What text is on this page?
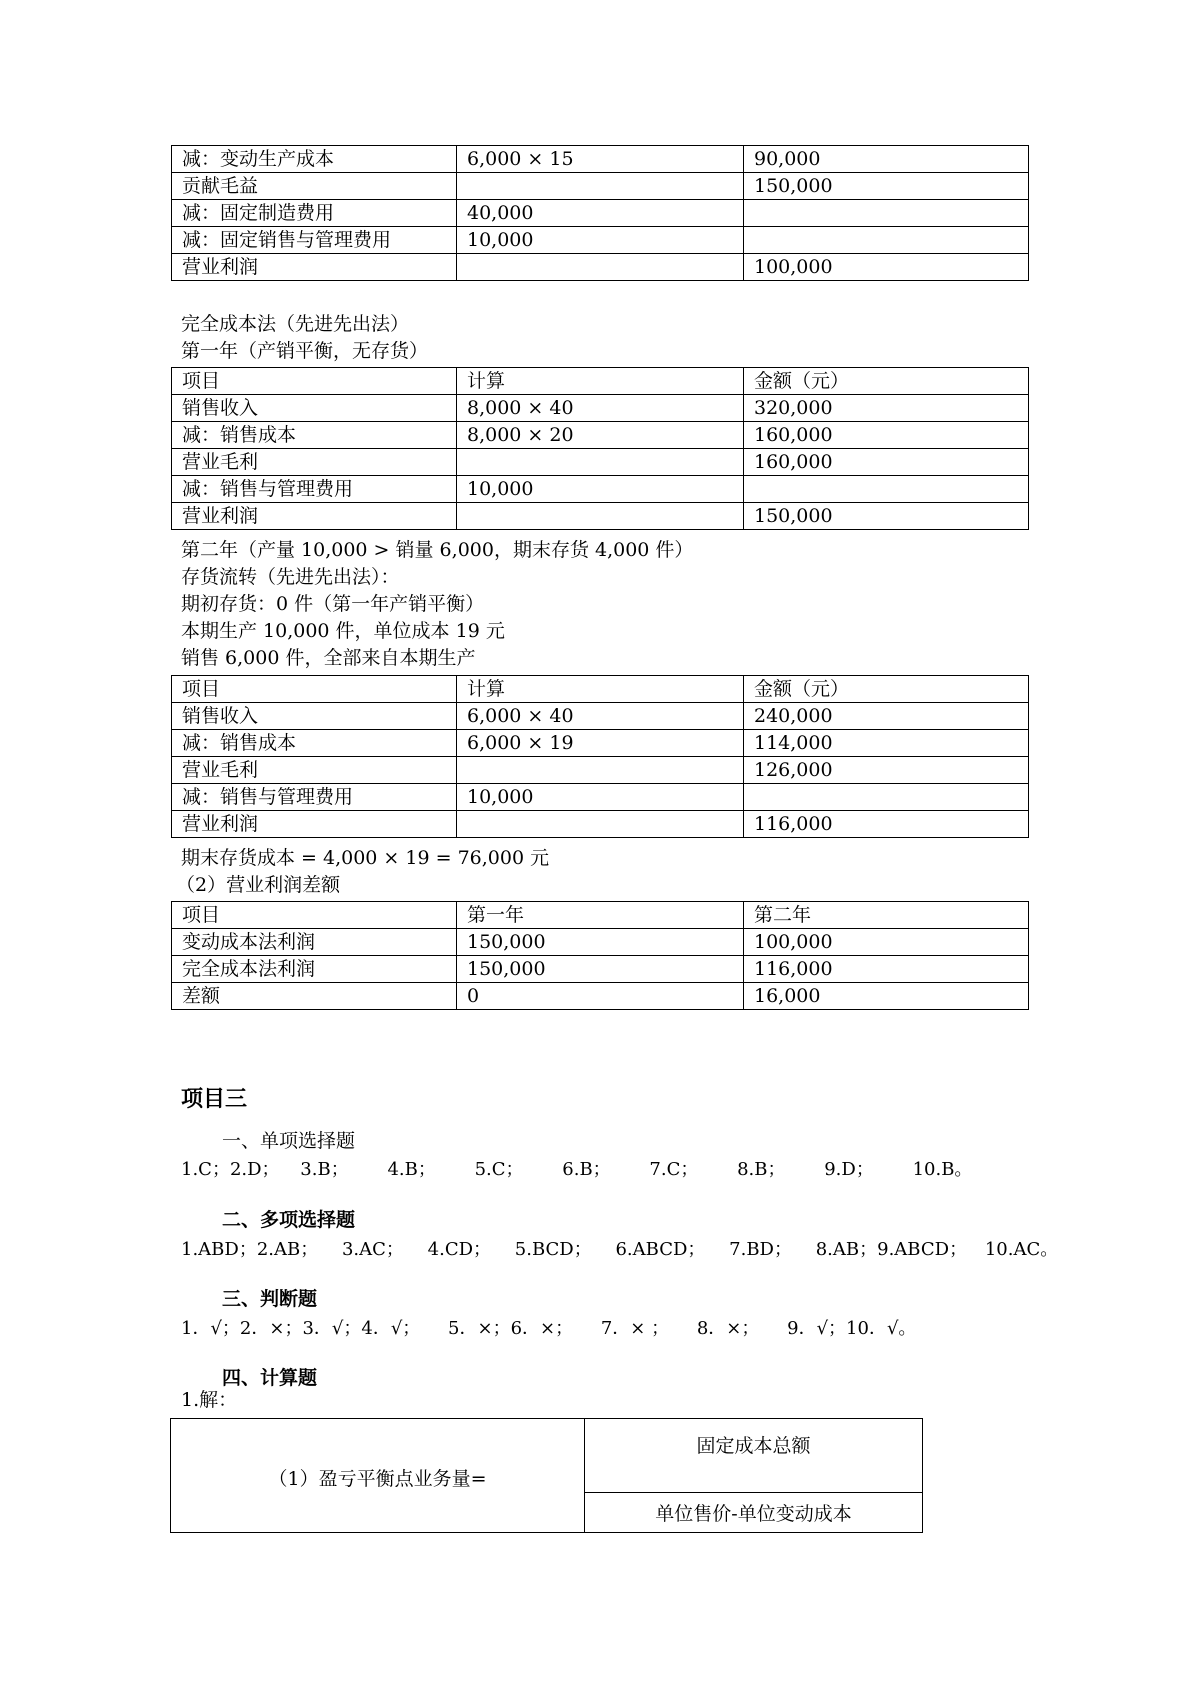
减：变动生产成本	6,000 × 15	90,000
贡献毛益		150,000
减：固定制造费用	40,000	
减：固定销售与管理费用	10,000	
营业利润		100,000
完全成本法（先进先出法）
第一年（产销平衡，无存货）
项目	计算	金额（元）
销售收入	8,000 × 40	320,000
减：销售成本	8,000 × 20	160,000
营业毛利		160,000
减：销售与管理费用	10,000	
营业利润		150,000
第二年（产量 10,000 > 销量 6,000，期末存货 4,000 件）
存货流转（先进先出法）：
期初存货：0 件（第一年产销平衡）
本期生产 10,000 件，单位成本 19 元
销售 6,000 件，全部来自本期生产
项目	计算	金额（元）
销售收入	6,000 × 40	240,000
减：销售成本	6,000 × 19	114,000
营业毛利		126,000
减：销售与管理费用	10,000	
营业利润		116,000
期末存货成本 = 4,000 × 19 = 76,000 元
（2）营业利润差额
项目	第一年	第二年
变动成本法利润	150,000	100,000
完全成本法利润	150,000	116,000
差额	0	16,000
项目三
一、单项选择题
1.C；2.D； 3.B； 4.B； 5.C； 6.B； 7.C； 8.B； 9.D； 10.B。
二、多项选择题
1.ABD；2.AB； 3.AC； 4.CD； 5.BCD； 6.ABCD； 7.BD； 8.AB；9.ABCD； 10.AC。
三、判断题
1．√；2．×；3．√；4．√； 5．×；6．×； 7．× ； 8．×； 9．√；10．√。
四、计算题
1.解：
（1）盈亏平衡点业务量=	固定成本总额
单位售价-单位变动成本
